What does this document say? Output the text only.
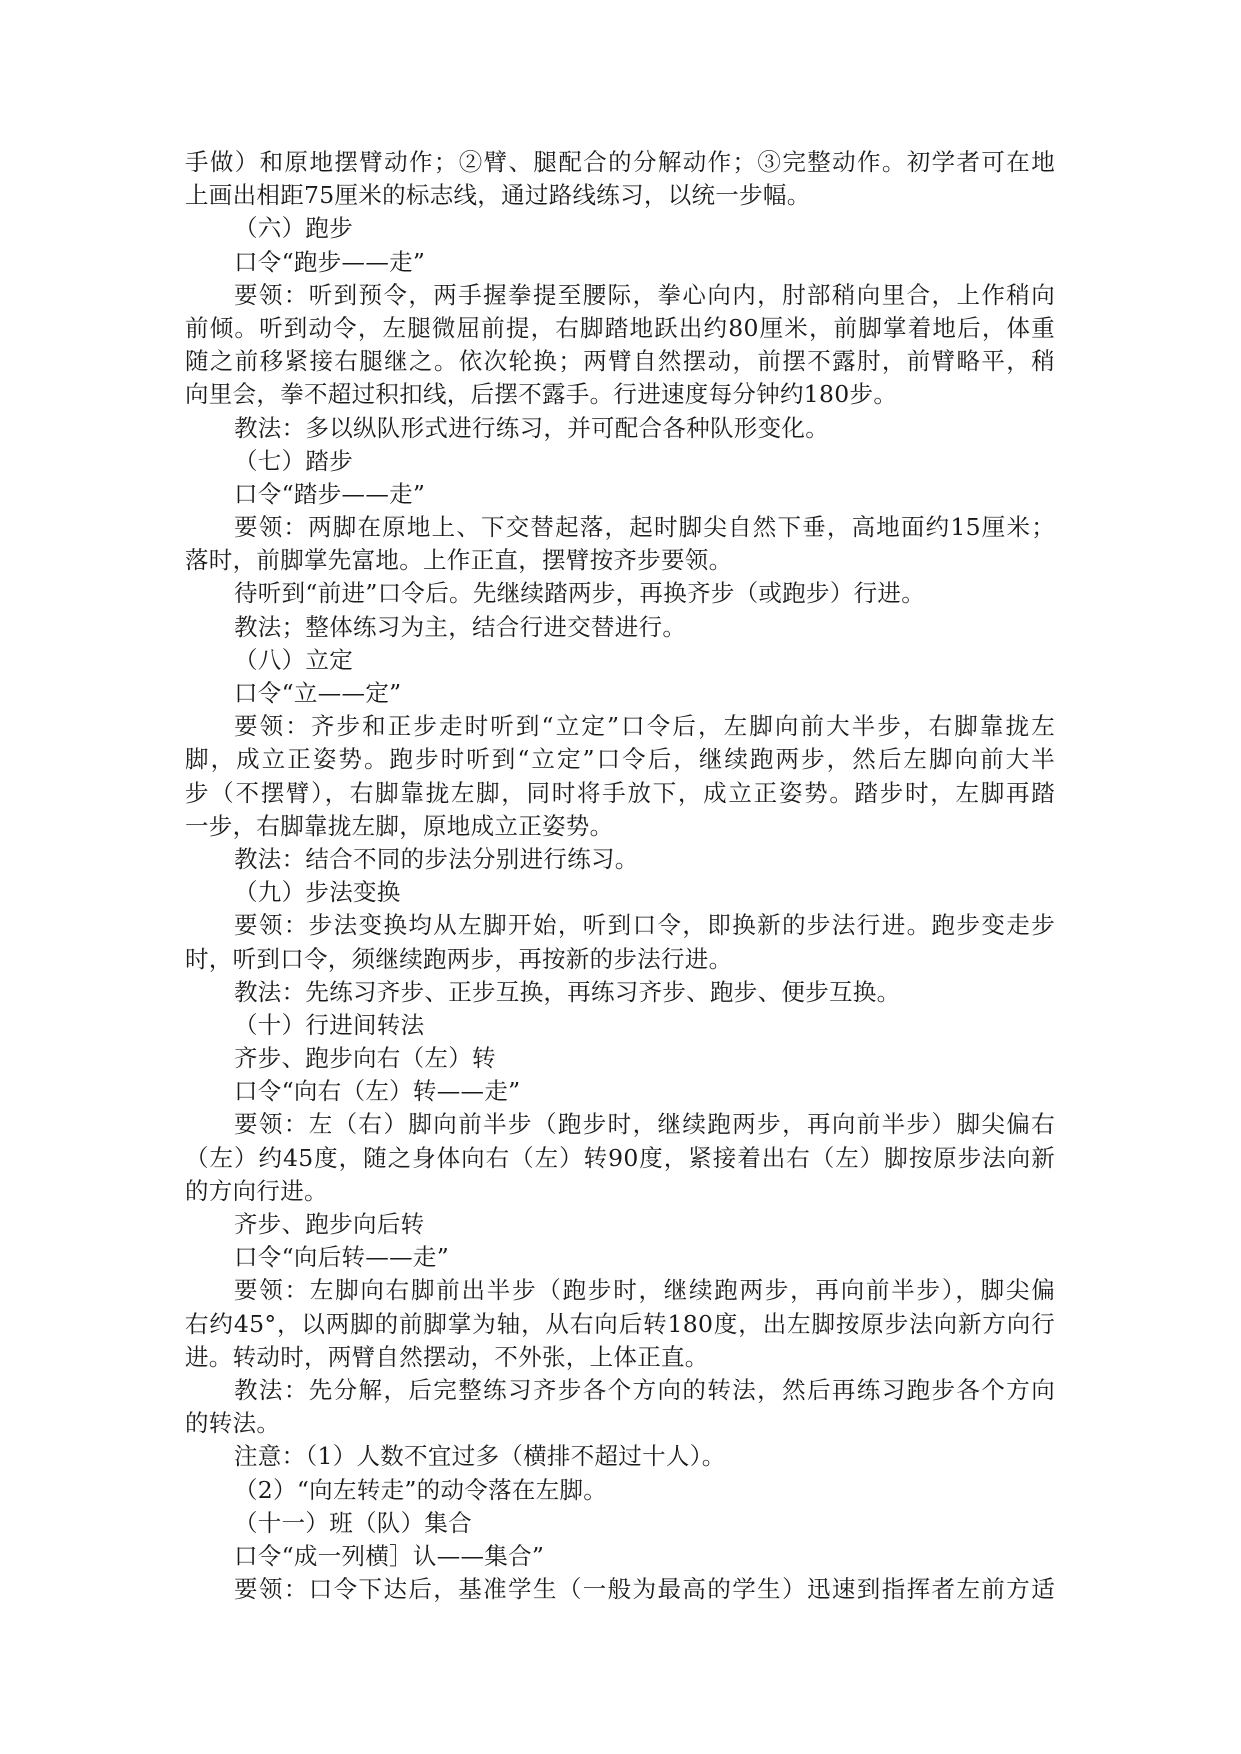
手做）和原地摆臂动作；②臂、腿配合的分解动作；③完整动作。初学者可在地
上画出相距75厘米的标志线，通过路线练习，以统一步幅。
（六）跑步
口令“跑步——走”
要领：听到预令，两手握拳提至腰际，拳心向内，肘部稍向里合，上作稍向
前倾。听到动令，左腿微屈前提，右脚踏地跃出约80厘米，前脚掌着地后，体重
随之前移紧接右腿继之。依次轮换；两臂自然摆动，前摆不露肘，前臂略平，稍
向里会，拳不超过积扣线，后摆不露手。行进速度每分钟约180步。
教法：多以纵队形式进行练习，并可配合各种队形变化。
（七）踏步
口令“踏步——走”
要领：两脚在原地上、下交替起落，起时脚尖自然下垂，高地面约15厘米；
落时，前脚掌先富地。上作正直，摆臂按齐步要领。
待听到“前进”口令后。先继续踏两步，再换齐步（或跑步）行进。
教法；整体练习为主，结合行进交替进行。
（八）立定
口令“立——定”
要领：齐步和正步走时听到“立定”口令后，左脚向前大半步，右脚靠拢左
脚，成立正姿势。跑步时听到“立定”口令后，继续跑两步，然后左脚向前大半
步（不摆臂），右脚靠拢左脚，同时将手放下，成立正姿势。踏步时，左脚再踏
一步，右脚靠拢左脚，原地成立正姿势。
教法：结合不同的步法分别进行练习。
（九）步法变换
要领：步法变换均从左脚开始，听到口令，即换新的步法行进。跑步变走步
时，听到口令，须继续跑两步，再按新的步法行进。
教法：先练习齐步、正步互换，再练习齐步、跑步、便步互换。
（十）行进间转法
齐步、跑步向右（左）转
口令“向右（左）转——走”
要领：左（右）脚向前半步（跑步时，继续跑两步，再向前半步）脚尖偏右
（左）约45度，随之身体向右（左）转90度，紧接着出右（左）脚按原步法向新
的方向行进。
齐步、跑步向后转
口令“向后转——走”
要领：左脚向右脚前出半步（跑步时，继续跑两步，再向前半步），脚尖偏
右约45°，以两脚的前脚掌为轴，从右向后转180度，出左脚按原步法向新方向行
进。转动时，两臂自然摆动，不外张，上体正直。
教法：先分解，后完整练习齐步各个方向的转法，然后再练习跑步各个方向
的转法。
注意：（1）人数不宜过多（横排不超过十人）。
（2）“向左转走”的动令落在左脚。
（十一）班（队）集合
口令“成一列横］认——集合”
要领：口令下达后，基准学生（一般为最高的学生）迅速到指挥者左前方适
